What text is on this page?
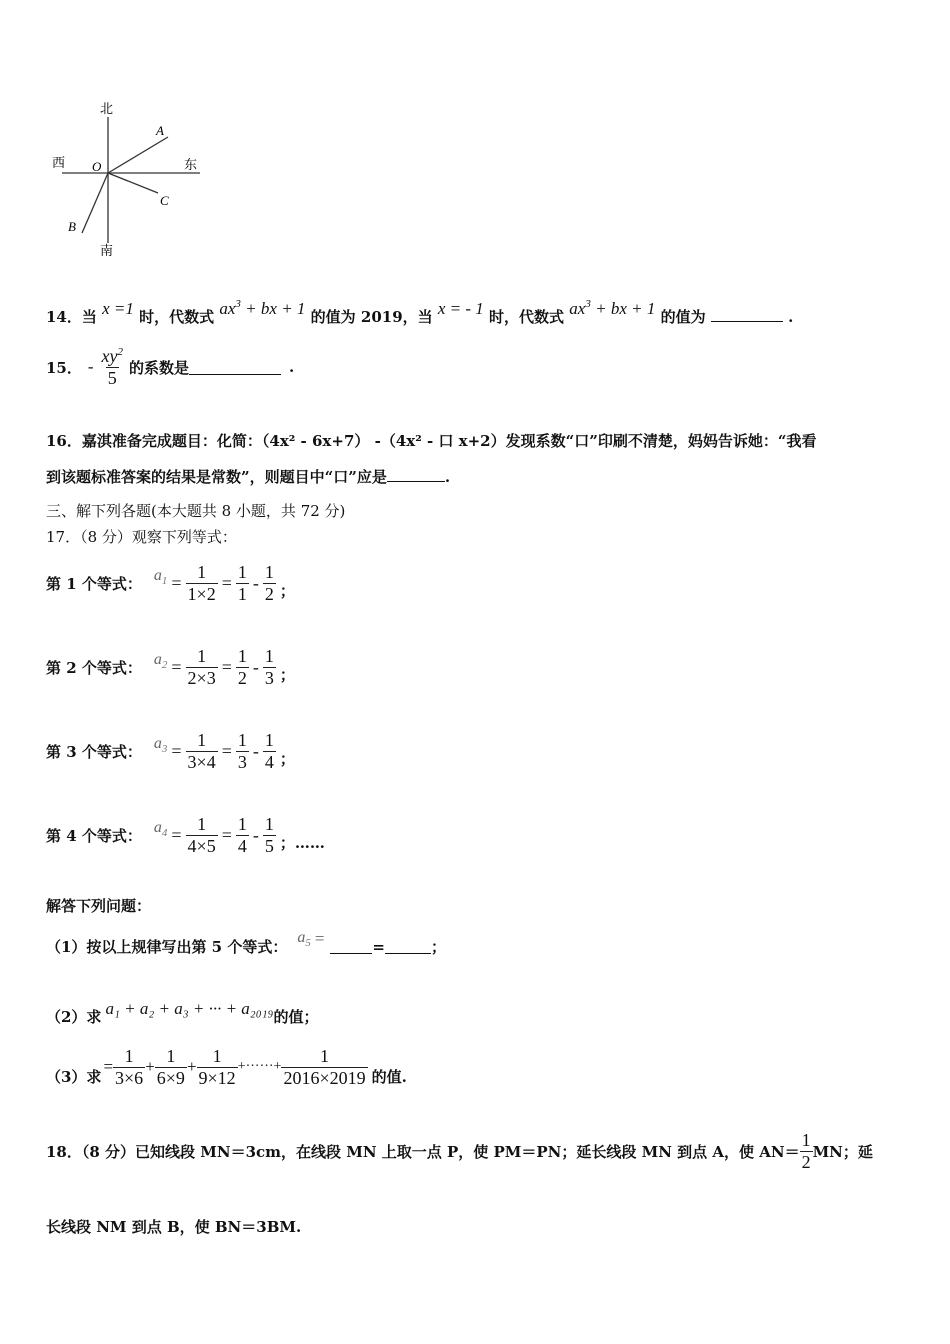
北
西	东
南
O
A
C
B
14．当 x =1 时，代数式 $ax^3$ + bx + 1 的值为 2019，当 x = - 1 时，代数式 $ax^3$ + bx + 1 的值为	.
15． - $\frac{xy^2}{5}$ 的系数是	.
16．嘉淇准备完成题目：化简：（4x² - 6x+7） -（4x² - 口 x+2）发现系数“口”印刷不清楚，妈妈告诉她：“我看
到该题标准答案的结果是常数”，则题目中“口”应是	.
三、解下列各题(本大题共 8 小题，共 72 分)
17．（8 分）观察下列等式：
第 1 个等式： $a_1 = \frac{1}{1\times 2} = \frac{1}{1} - \frac{1}{2}$ ；
第 2 个等式： $a_2 = \frac{1}{2\times 3} = \frac{1}{2} - \frac{1}{3}$ ；
第 3 个等式： $a_3 = \frac{1}{3\times 4} = \frac{1}{3} - \frac{1}{4}$ ；
第 4 个等式： $a_4 = \frac{1}{4\times 5} = \frac{1}{4} - \frac{1}{5}$ ；……
解答下列问题：
（1）按以上规律写出第 5 个等式：
$a_5$ =	=	；
（2）求 a₁ + a₂ + a₃ + ··· + a₂₀₁₉ 的值；
（3）求
= $\frac{1}{3\times 6} + \frac{1}{6\times 9} + \frac{1}{9\times 12}$ +······+ $\frac{1}{2016\times 2019}$ 的值.
18．（8 分）已知线段 MN＝3cm，在线段 MN 上取一点 P，使 PM＝PN；延长线段 MN 到点 A，使 $AN= \frac{1}{2}$ MN；延
长线段 NM 到点 B，使 BN＝3BM.
